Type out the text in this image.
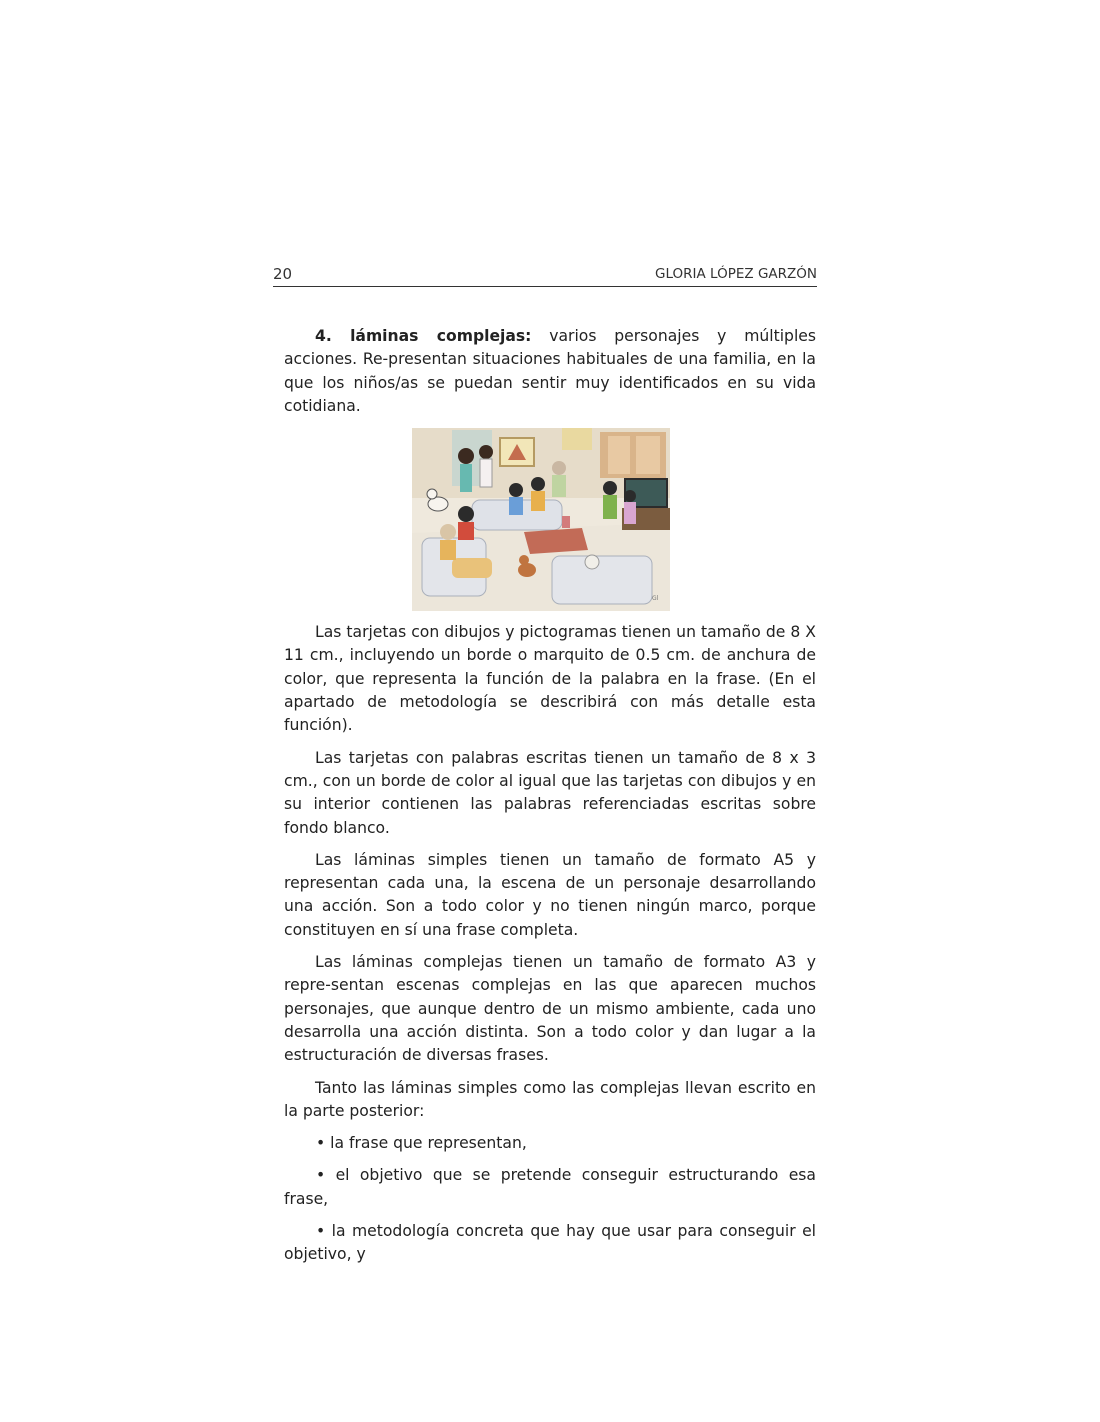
20	GLORIA LÓPEZ GARZÓN

4. láminas complejas: varios personajes y múltiples acciones. Re-presentan situaciones habituales de una familia, en la que los niños/as se puedan sentir muy identificados en su vida cotidiana.

Gl

Las tarjetas con dibujos y pictogramas tienen un tamaño de 8 X 11 cm., incluyendo un borde o marquito de 0.5 cm. de anchura de color, que representa la función de la palabra en la frase. (En el apartado de metodología se describirá con más detalle esta función).

Las tarjetas con palabras escritas tienen un tamaño de 8 x 3 cm., con un borde de color al igual que las tarjetas con dibujos y en su interior contienen las palabras referenciadas escritas sobre fondo blanco.

Las láminas simples tienen un tamaño de formato A5 y representan cada una, la escena de un personaje desarrollando una acción. Son a todo color y no tienen ningún marco, porque constituyen en sí una frase completa.

Las láminas complejas tienen un tamaño de formato A3 y repre-sentan escenas complejas en las que aparecen muchos personajes, que aunque dentro de un mismo ambiente, cada uno desarrolla una acción distinta. Son a todo color y dan lugar a la estructuración de diversas frases.

Tanto las láminas simples como las complejas llevan escrito en la parte posterior:

• la frase que representan,

• el objetivo que se pretende conseguir estructurando esa frase,

• la metodología concreta que hay que usar para conseguir el objetivo, y
